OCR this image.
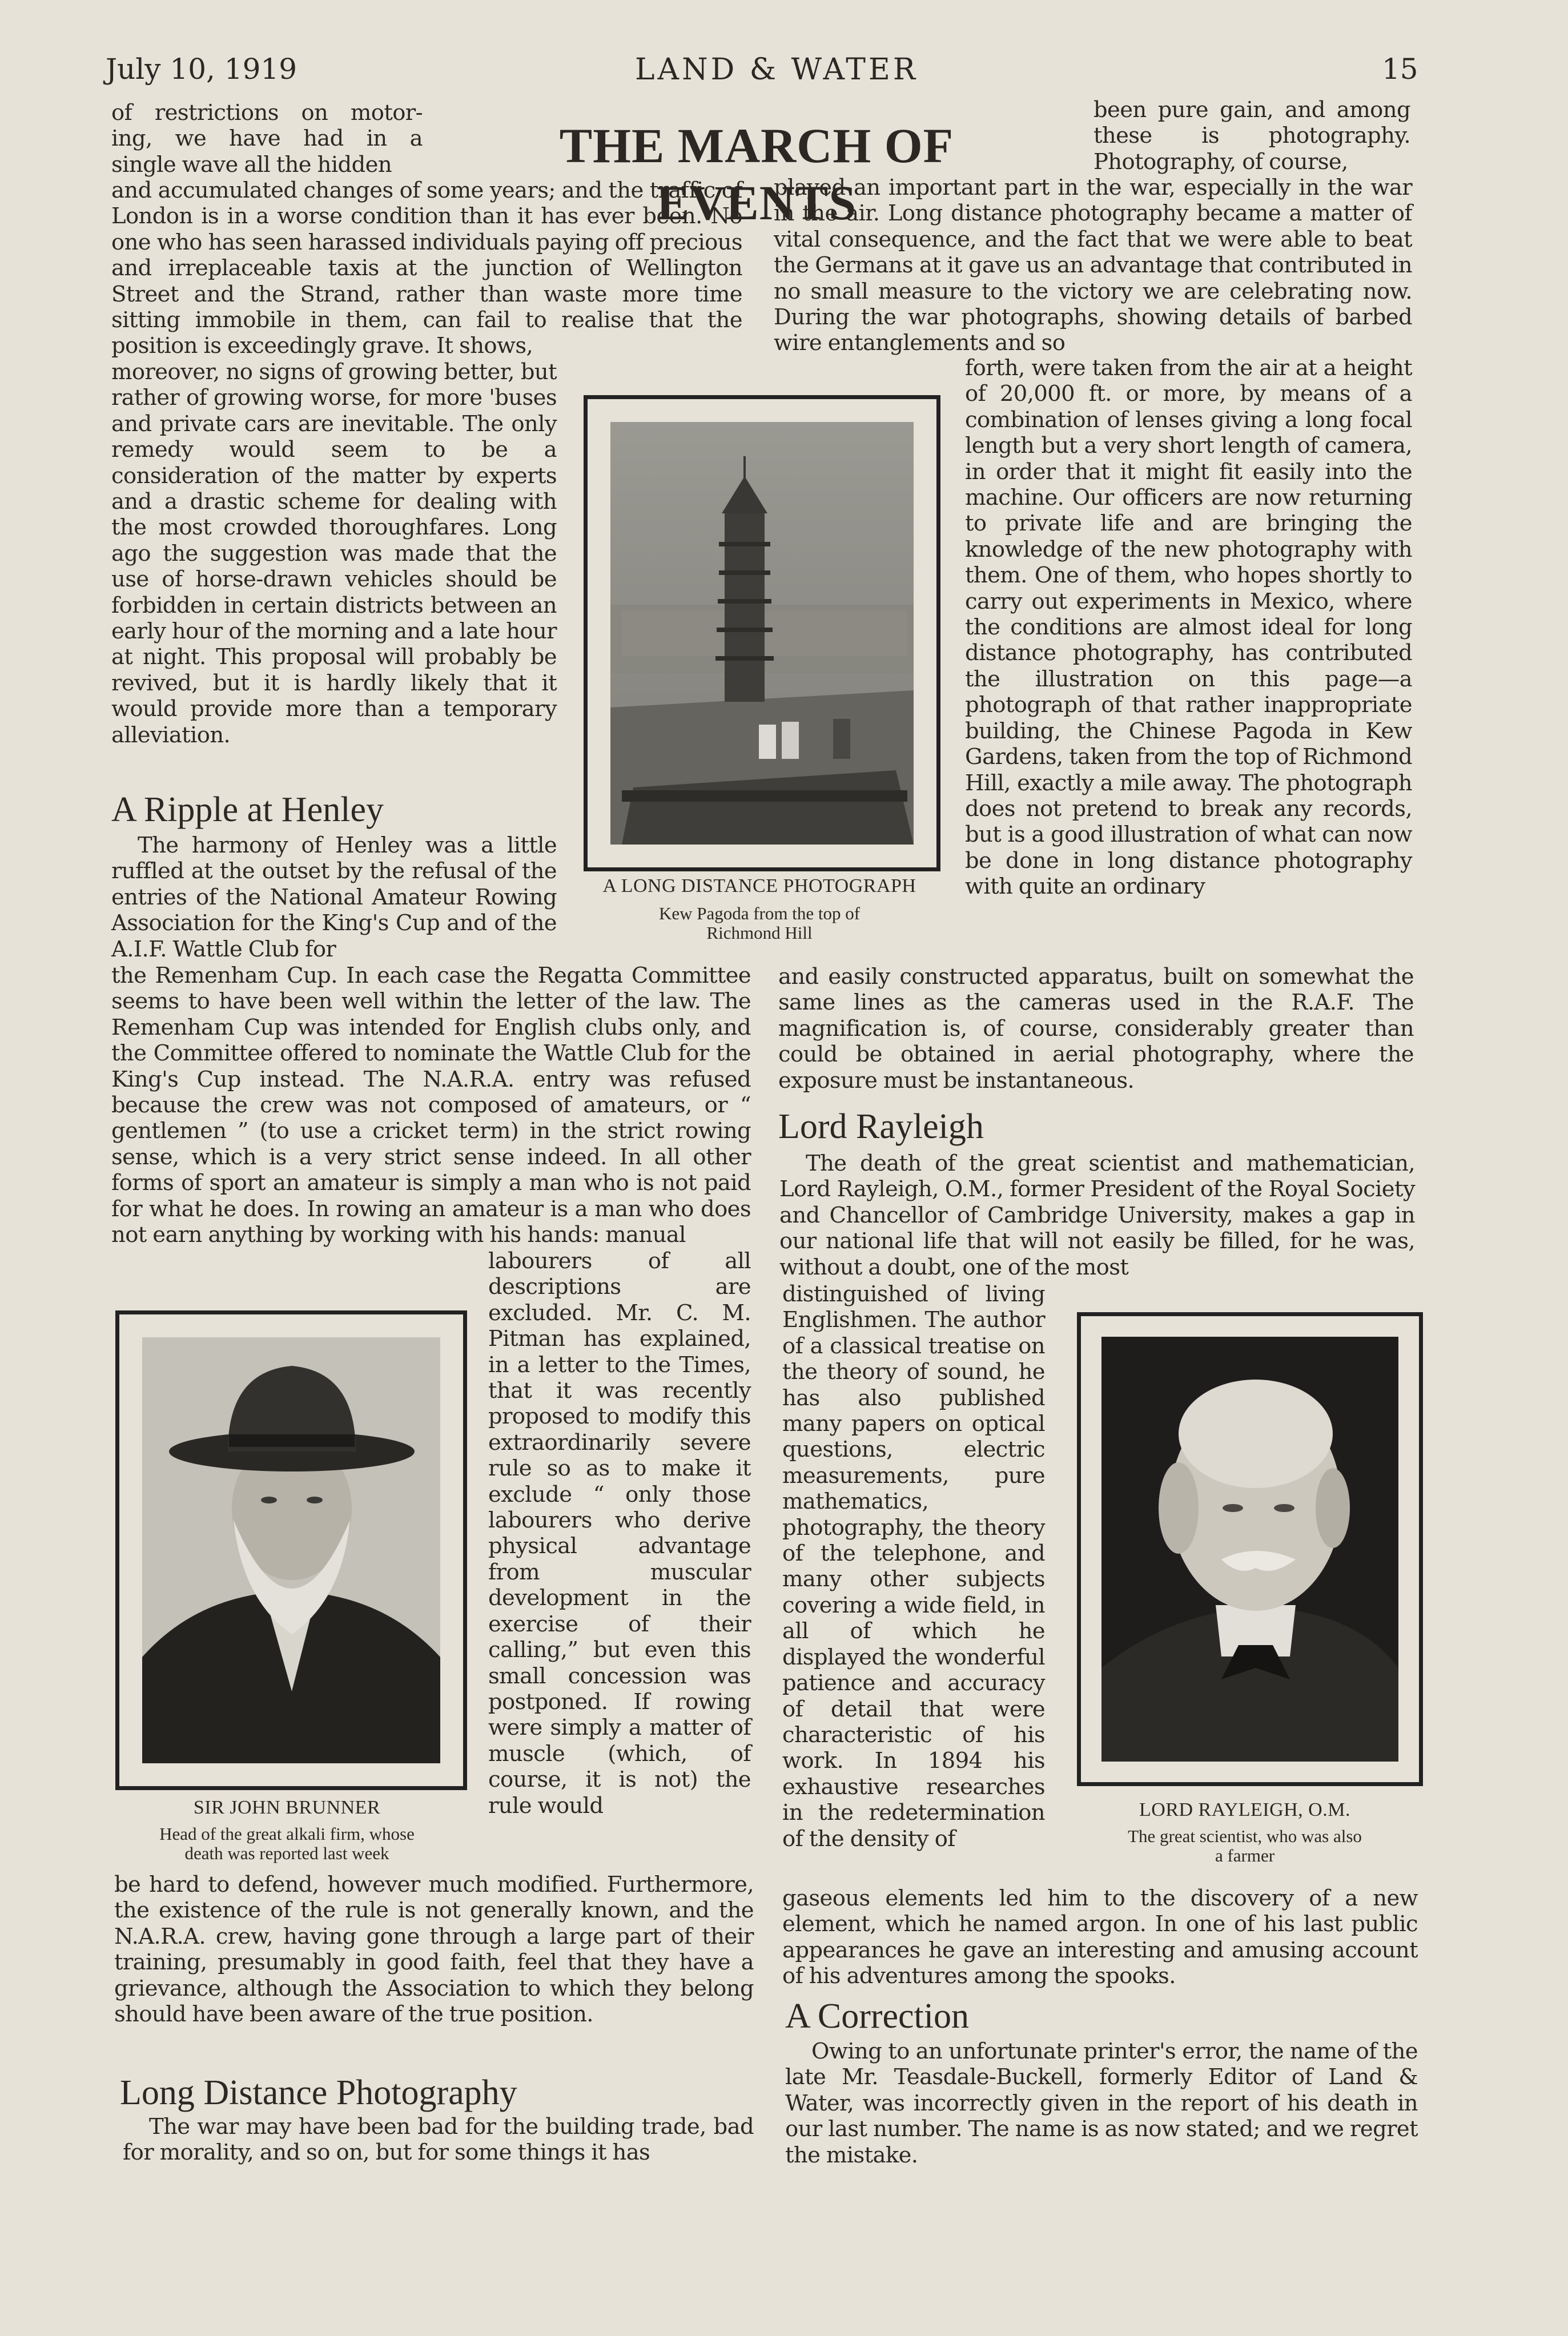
July 10, 1919	LAND & WATER	15
THE MARCH OF EVENTS

of restrictions on motor-

ing, we have had in a

single wave all the hidden

and accumulated changes of some years; and the traffic of London is in a worse condition than it has ever been. No one who has seen harassed individuals paying off precious and irreplaceable taxis at the junction of Wellington Street and the Strand, rather than waste more time sitting immobile in them, can fail to realise that the position is exceedingly grave. It shows,

moreover, no signs of growing better, but rather of growing worse, for more 'buses and private cars are inevitable. The only remedy would seem to be a consideration of the matter by experts and a drastic scheme for dealing with the most crowded thoroughfares. Long ago the suggestion was made that the use of horse-drawn vehicles should be forbidden in certain districts between an early hour of the morning and a late hour at night. This proposal will probably be revived, but it is hardly likely that it would provide more than a temporary alleviation.

A Ripple at Henley

The harmony of Henley was a little ruffled at the outset by the refusal of the entries of the National Amateur Rowing Association for the King's Cup and of the A.I.F. Wattle Club for

the Remenham Cup. In each case the Regatta Committee seems to have been well within the letter of the law. The Remenham Cup was intended for English clubs only, and the Committee offered to nominate the Wattle Club for the King's Cup instead. The N.A.R.A. entry was refused because the crew was not composed of amateurs, or “ gentlemen ” (to use a cricket term) in the strict rowing sense, which is a very strict sense indeed. In all other forms of sport an amateur is simply a man who is not paid for what he does. In rowing an amateur is a man who does not earn anything by working with his hands: manual

labourers of all descriptions are excluded. Mr. C. M. Pitman has explained, in a letter to the Times, that it was recently proposed to modify this extraordinarily severe rule so as to make it exclude “ only those labourers who derive physical advantage from muscular development in the exercise of their calling,” but even this small concession was postponed. If rowing were simply a matter of muscle (which, of course, it is not) the rule would

be hard to defend, however much modified. Furthermore, the existence of the rule is not generally known, and the N.A.R.A. crew, having gone through a large part of their training, presumably in good faith, feel that they have a grievance, although the Association to which they belong should have been aware of the true position.

Long Distance Photography

The war may have been bad for the building trade, bad for morality, and so on, but for some things it has

been pure gain, and among these is photography. Photography, of course,

played an important part in the war, especially in the war in the air. Long distance photography became a matter of vital consequence, and the fact that we were able to beat the Germans at it gave us an advantage that contributed in no small measure to the victory we are celebrating now. During the war photographs, showing details of barbed wire entanglements and so

forth, were taken from the air at a height of 20,000 ft. or more, by means of a combination of lenses giving a long focal length but a very short length of camera, in order that it might fit easily into the machine. Our officers are now returning to private life and are bringing the knowledge of the new photography with them. One of them, who hopes shortly to carry out experiments in Mexico, where the conditions are almost ideal for long distance photography, has contributed the illustration on this page—a photograph of that rather inappropriate building, the Chinese Pagoda in Kew Gardens, taken from the top of Richmond Hill, exactly a mile away. The photograph does not pretend to break any records, but is a good illustration of what can now be done in long distance photography with quite an ordinary

and easily constructed apparatus, built on somewhat the same lines as the cameras used in the R.A.F. The magnification is, of course, considerably greater than could be obtained in aerial photography, where the exposure must be instantaneous.

Lord Rayleigh

The death of the great scientist and mathematician, Lord Rayleigh, O.M., former President of the Royal Society and Chancellor of Cambridge University, makes a gap in our national life that will not easily be filled, for he was, without a doubt, one of the most

distinguished of living Englishmen. The author of a classical treatise on the theory of sound, he has also published many papers on optical questions, electric measurements, pure mathematics, photography, the theory of the telephone, and many other subjects covering a wide field, in all of which he displayed the wonderful patience and accuracy of detail that were characteristic of his work. In 1894 his exhaustive researches in the redetermination of the density of

gaseous elements led him to the discovery of a new element, which he named argon. In one of his last public appearances he gave an interesting and amusing account of his adventures among the spooks.

A Correction

Owing to an unfortunate printer's error, the name of the late Mr. Teasdale-Buckell, formerly Editor of Land & Water, was incorrectly given in the report of his death in our last number. The name is as now stated; and we regret the mistake.

A LONG DISTANCE PHOTOGRAPH
Kew Pagoda from the top of
Richmond Hill
SIR JOHN BRUNNER
Head of the great alkali firm, whose
death was reported last week
LORD RAYLEIGH, O.M.
The great scientist, who was also
a farmer
